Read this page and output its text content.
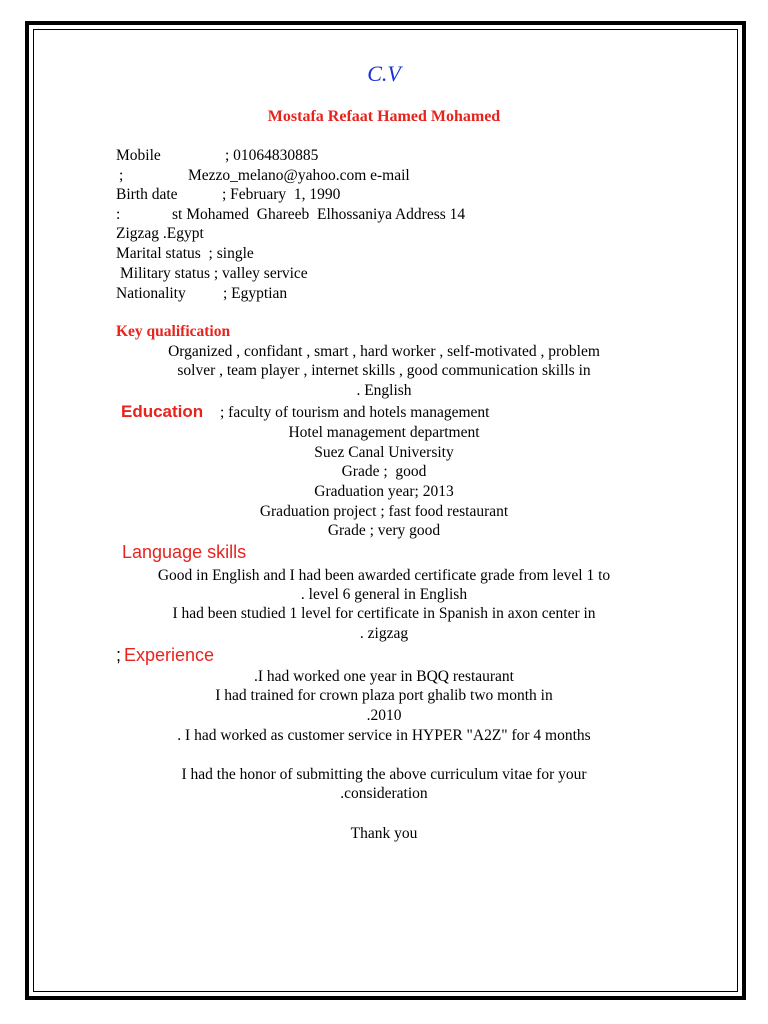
C.V
Mostafa Refaat Hamed Mohamed
Mobile	; 01064830885
;	Mezzo_melano@yahoo.com e-mail
Birth date	; February  1, 1990
:	st Mohamed  Ghareeb  Elhossaniya Address 14
Zigzag .Egypt
Marital status  ; single
Military status ; valley service
Nationality ; Egyptian
Key qualification
Organized , confidant , smart , hard worker , self-motivated , problem
solver , team player , internet skills , good communication skills in
. English
Education ; faculty of tourism and hotels management
Hotel management department
Suez Canal University
Grade ;  good
Graduation year; 2013
Graduation project ; fast food restaurant
Grade ; very good
Language skills
Good in English and I had been awarded certificate grade from level 1 to
. level 6 general in English
I had been studied 1 level for certificate in Spanish in axon center in
. zigzag
; Experience
.I had worked one year in BQQ restaurant
I had trained for crown plaza port ghalib two month in
.2010
. I had worked as customer service in HYPER "A2Z" for 4 months
I had the honor of submitting the above curriculum vitae for your
.consideration
Thank you
